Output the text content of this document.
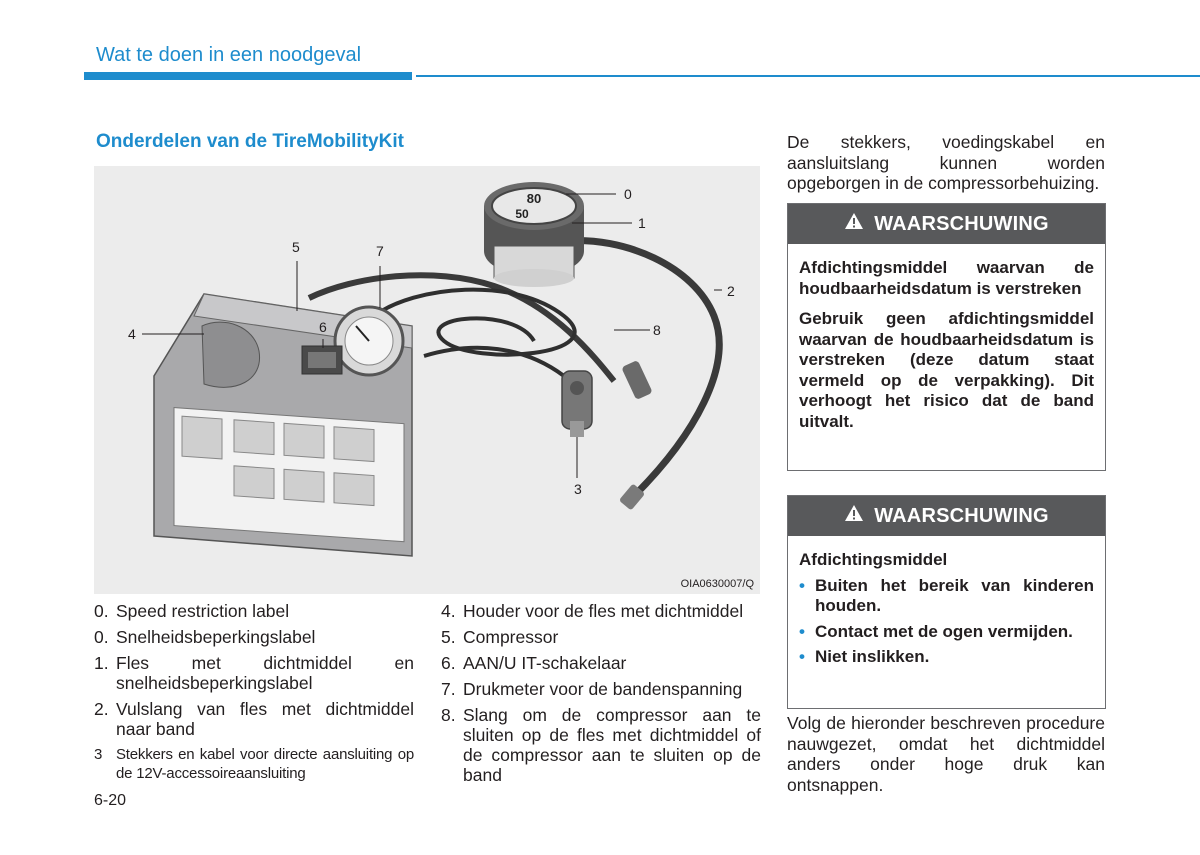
Wat te doen in een noodgeval
Onderdelen van de TireMobilityKit
80
50
0
1
2
3
4
5	7
6	8
OIA0630007/Q
0. Speed restriction label
0. Snelheidsbeperkingslabel
1. Fles met dichtmiddel en snelheidsbeperkingslabel
2. Vulslang van fles met dichtmiddel naar band
3 Stekkers en kabel voor directe aansluiting op de 12V-accessoireaansluiting
4. Houder voor de fles met dichtmiddel
5. Compressor
6. AAN/U IT-schakelaar
7. Drukmeter voor de bandenspanning
8. Slang om de compressor aan te sluiten op de fles met dichtmiddel of de compressor aan te sluiten op de band
6-20
De stekkers, voedingskabel en aansluitslang kunnen worden opgeborgen in de compressorbehuizing.
WAARSCHUWING

Afdichtingsmiddel waarvan de houdbaarheidsdatum is verstreken

Gebruik geen afdichtingsmiddel waarvan de houdbaarheidsdatum is verstreken (deze datum staat vermeld op de verpakking). Dit verhoogt het risico dat de band uitvalt.

WAARSCHUWING

Afdichtingsmiddel

• Buiten het bereik van kinderen houden.
• Contact met de ogen vermijden.
• Niet inslikken.
Volg de hieronder beschreven procedure nauwgezet, omdat het dichtmiddel anders onder hoge druk kan ontsnappen.
